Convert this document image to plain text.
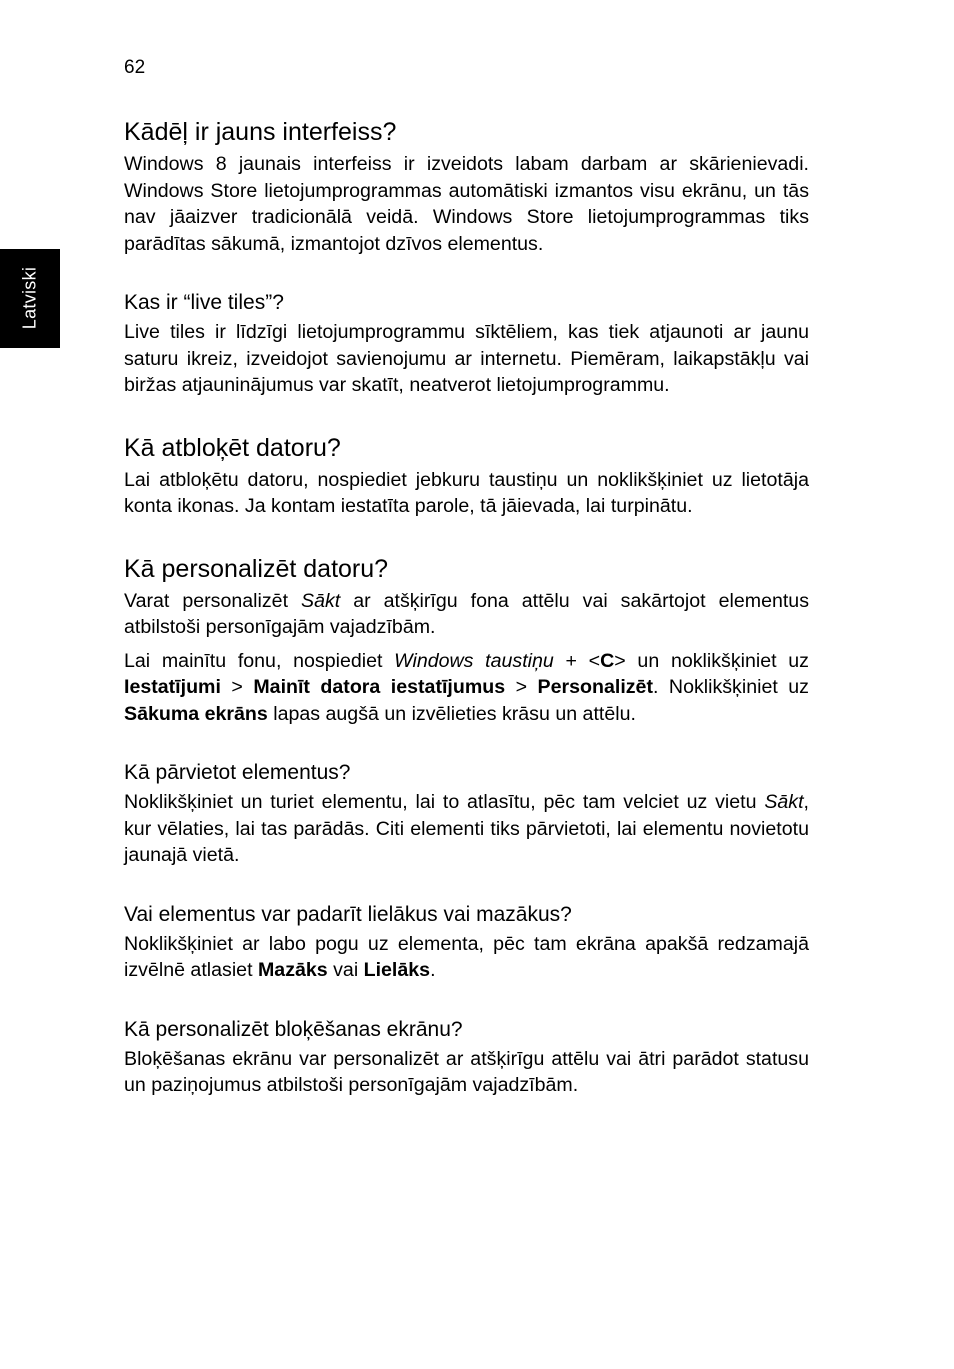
62
Latviski
Kādēļ ir jauns interfeiss?

Windows 8 jaunais interfeiss ir izveidots labam darbam ar skārienievadi. Windows Store lietojumprogrammas automātiski izmantos visu ekrānu, un tās nav jāaizver tradicionālā veidā. Windows Store lietojumprogrammas tiks parādītas sākumā, izmantojot dzīvos elementus.

Kas ir “live tiles”?

Live tiles ir līdzīgi lietojumprogrammu sīktēliem, kas tiek atjaunoti ar jaunu saturu ikreiz, izveidojot savienojumu ar internetu. Piemēram, laikapstākļu vai biržas atjauninājumus var skatīt, neatverot lietojumprogrammu.

Kā atbloķēt datoru?

Lai atbloķētu datoru, nospiediet jebkuru taustiņu un noklikšķiniet uz lietotāja konta ikonas. Ja kontam iestatīta parole, tā jāievada, lai turpinātu.

Kā personalizēt datoru?

Varat personalizēt Sākt ar atšķirīgu fona attēlu vai sakārtojot elementus atbilstoši personīgajām vajadzībām.

Lai mainītu fonu, nospiediet Windows taustiņu + <C> un noklikšķiniet uz Iestatījumi > Mainīt datora iestatījumus > Personalizēt. Noklikšķiniet uz Sākuma ekrāns lapas augšā un izvēlieties krāsu un attēlu.

Kā pārvietot elementus?

Noklikšķiniet un turiet elementu, lai to atlasītu, pēc tam velciet uz vietu Sākt, kur vēlaties, lai tas parādās. Citi elementi tiks pārvietoti, lai elementu novietotu jaunajā vietā.

Vai elementus var padarīt lielākus vai mazākus?

Noklikšķiniet ar labo pogu uz elementa, pēc tam ekrāna apakšā redzamajā izvēlnē atlasiet Mazāks vai Lielāks.

Kā personalizēt bloķēšanas ekrānu?

Bloķēšanas ekrānu var personalizēt ar atšķirīgu attēlu vai ātri parādot statusu un paziņojumus atbilstoši personīgajām vajadzībām.
